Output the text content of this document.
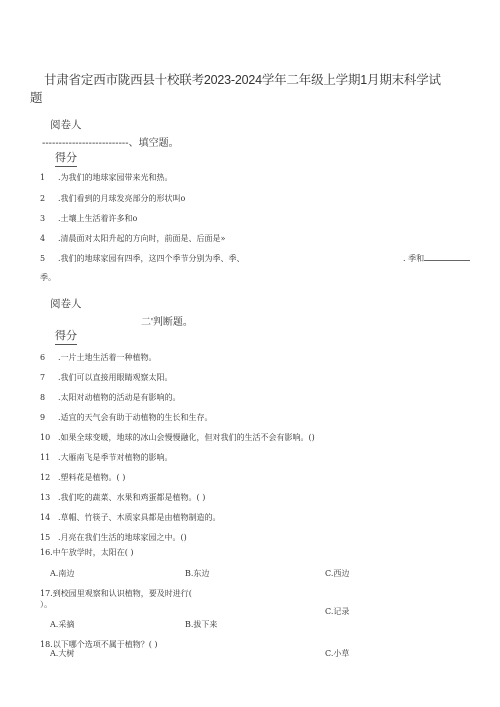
甘肃省定西市陇西县十校联考2023-2024学年二年级上学期1月期末科学试
题
阅卷人
--------------------------、填空题。
得分
1 .为我们的地球家园带来光和热。
2 .我们看到的月球发亮部分的形状叫o
3 .土壤上生活着许多和o
4 .清晨面对太阳升起的方向时，前面是、后面是»
5 .我们的地球家园有四季，这四个季节分别为季、季、	. 季和
季。
阅卷人
二'判断题。
得分
6 .一片土地生活着一种植物。
7 .我们可以直接用眼睛观察太阳。
8 .太阳对动植物的活动是有影响的。
9 .适宜的天气会有助于动植物的生长和生存。
10 .如果全球变暖，地球的冰山会慢慢融化，但对我们的生活不会有影响。()
11 .大雁南飞是季节对植物的影响。
12 .塑料花是植物。( )
13 .我们吃的蔬菜、水果和鸡蛋都是植物。( )
14 .草帽、竹筷子、木质家具都是由植物制造的。
15 .月亮在我们生活的地球家园之中。()
16.中午放学时，太阳在( )
A.南边	B.东边	C.西边
17.到校园里观察和认识植物，要及时进行(
）。
C.记录
A.采摘	B.拔下来
18.以下哪个选项不属于植物？( )
A.大树	C.小草
